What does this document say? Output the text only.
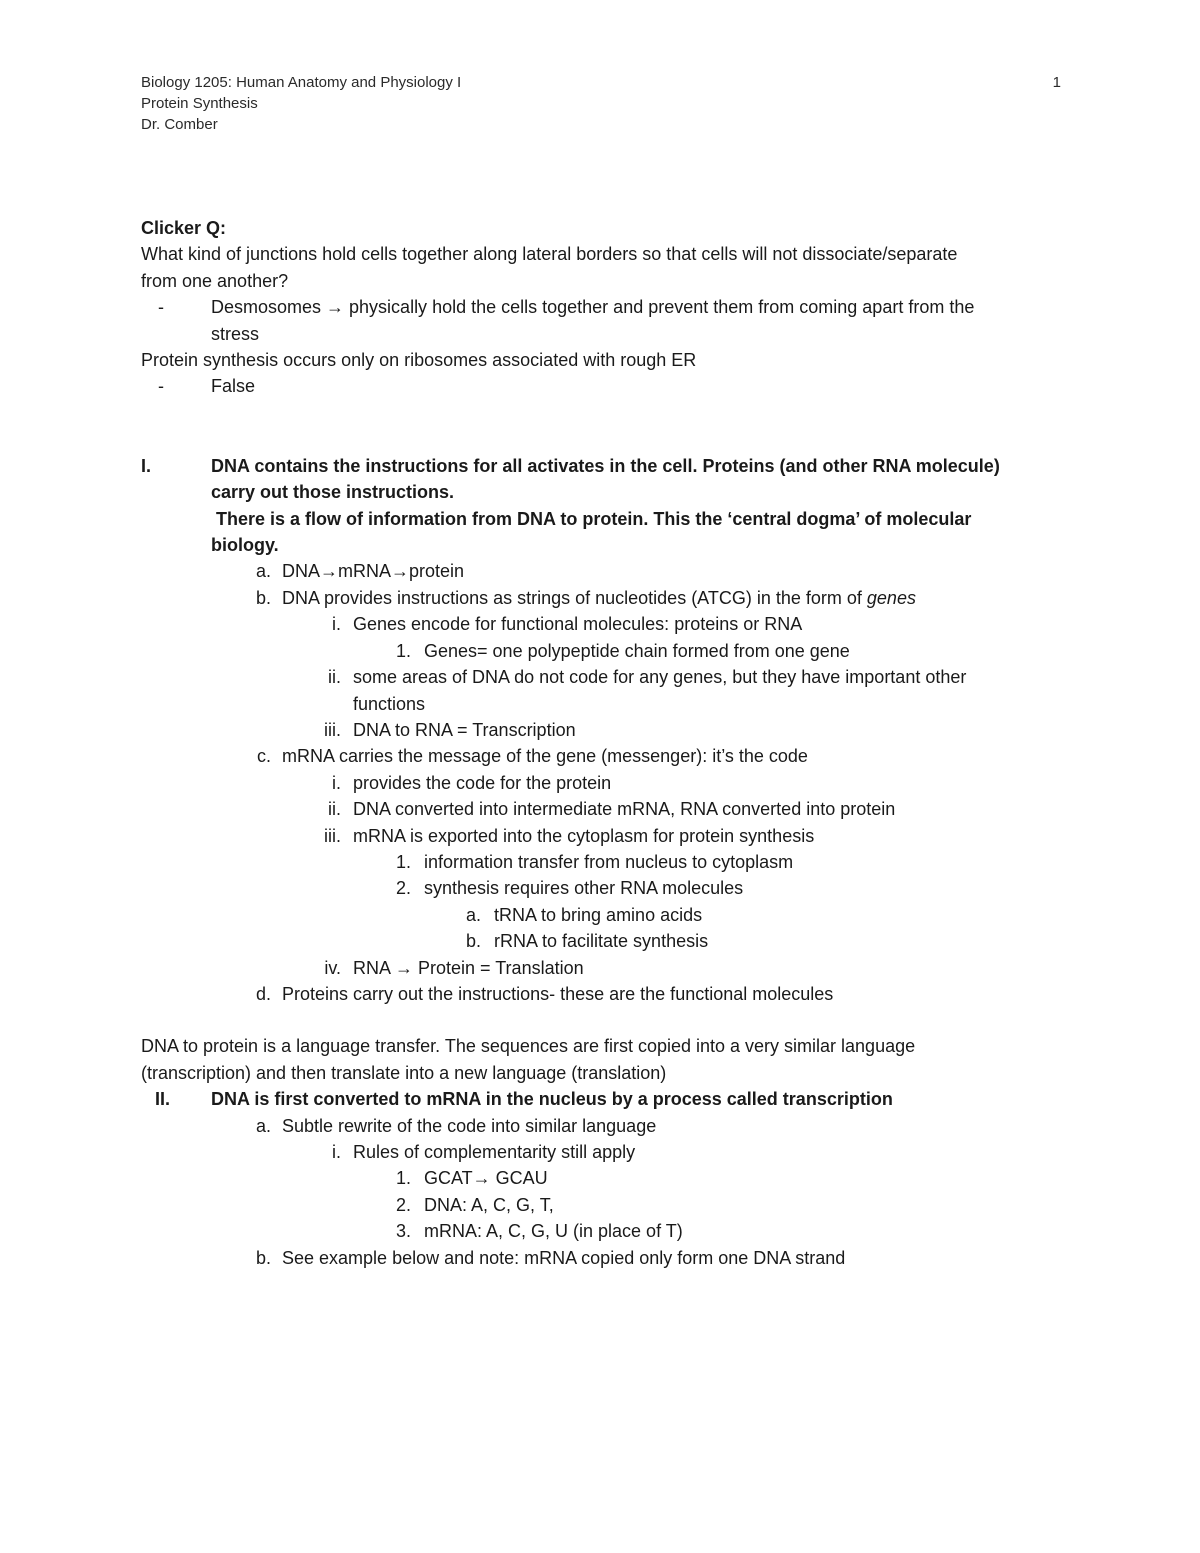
Biology 1205: Human Anatomy and Physiology I
Protein Synthesis
Dr. Comber
1
Clicker Q:
What kind of junctions hold cells together along lateral borders so that cells will not dissociate/separate
from one another?
-	Desmosomes → physically hold the cells together and prevent them from coming apart from the
stress
Protein synthesis occurs only on ribosomes associated with rough ER
-	False
I.	DNA contains the instructions for all activates in the cell. Proteins (and other RNA molecule)
carry out those instructions.
There is a flow of information from DNA to protein. This the ‘central dogma’ of molecular
biology.
a. DNA→mRNA→protein
b. DNA provides instructions as strings of nucleotides (ATCG) in the form of genes
i. Genes encode for functional molecules: proteins or RNA
1. Genes= one polypeptide chain formed from one gene
ii. some areas of DNA do not code for any genes, but they have important other
functions
iii. DNA to RNA = Transcription
c. mRNA carries the message of the gene (messenger): it’s the code
i. provides the code for the protein
ii. DNA converted into intermediate mRNA, RNA converted into protein
iii. mRNA is exported into the cytoplasm for protein synthesis
1. information transfer from nucleus to cytoplasm
2. synthesis requires other RNA molecules
a. tRNA to bring amino acids
b. rRNA to facilitate synthesis
iv. RNA → Protein = Translation
d. Proteins carry out the instructions- these are the functional molecules
DNA to protein is a language transfer. The sequences are first copied into a very similar language
(transcription) and then translate into a new language (translation)
II.	DNA is first converted to mRNA in the nucleus by a process called transcription
a. Subtle rewrite of the code into similar language
i. Rules of complementarity still apply
1. GCAT→ GCAU
2. DNA: A, C, G, T,
3. mRNA: A, C, G, U (in place of T)
b. See example below and note: mRNA copied only form one DNA strand
